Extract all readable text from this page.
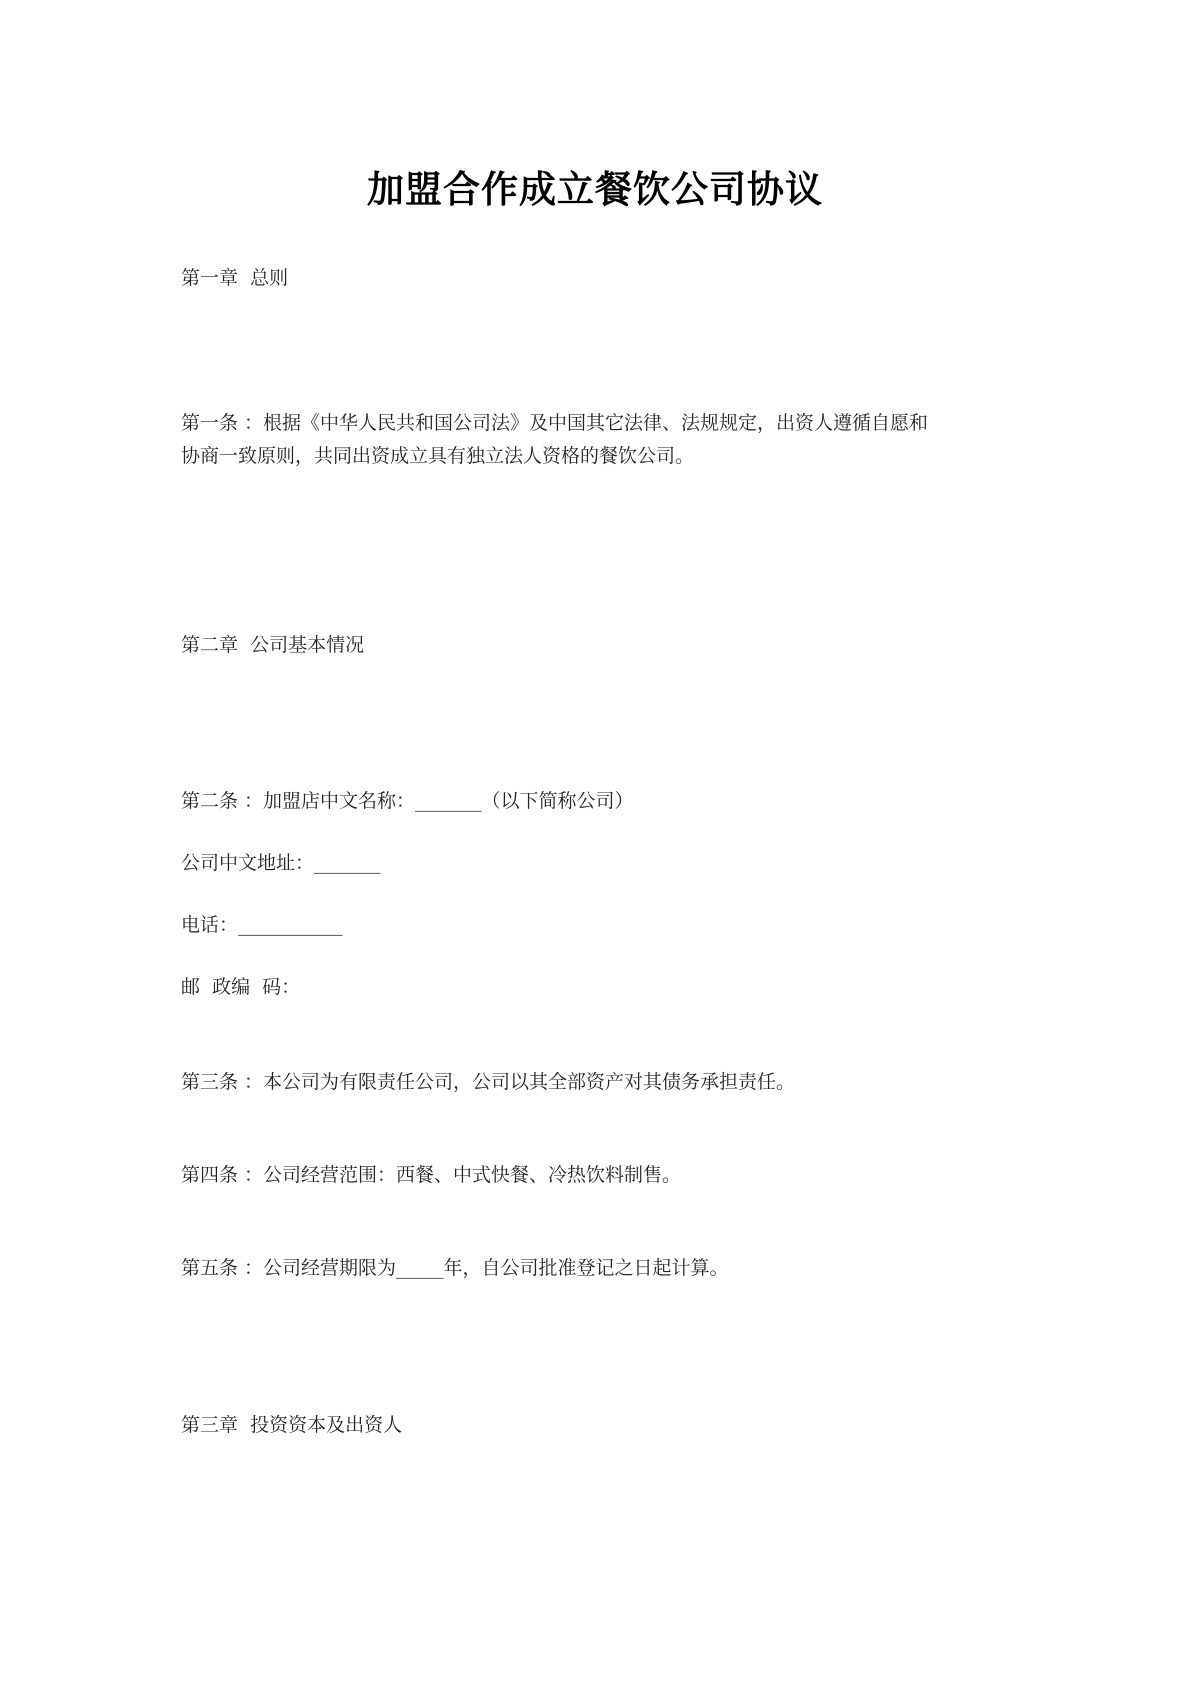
加盟合作成立餐饮公司协议
第一章  总则
第一条 ：根据《中华人民共和国公司法》及中国其它法律、法规规定，出资人遵循自愿和
协商一致原则，共同出资成立具有独立法人资格的餐饮公司。
第二章  公司基本情况
第二条 ：加盟店中文名称：_______（以下简称公司）
公司中文地址：_______
电话：___________
邮  政编  码：
第三条 ：本公司为有限责任公司，公司以其全部资产对其债务承担责任。
第四条 ：公司经营范围：西餐、中式快餐、冷热饮料制售。
第五条 ：公司经营期限为_____年，自公司批准登记之日起计算。
第三章  投资资本及出资人
